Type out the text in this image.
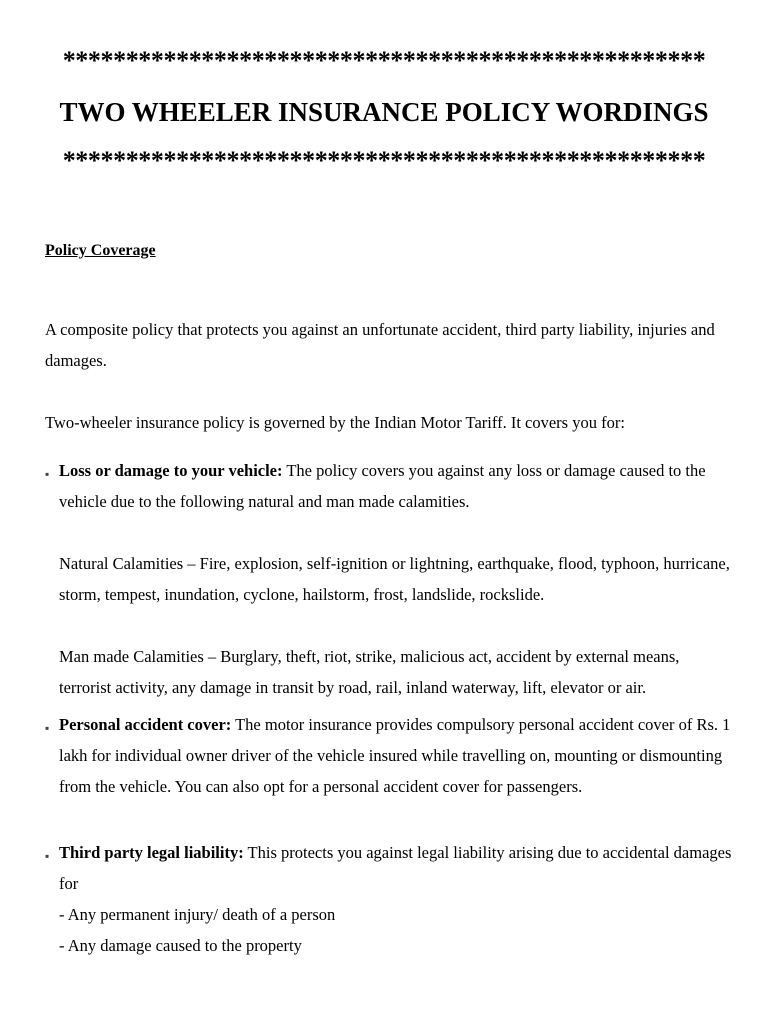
***************************************************
TWO WHEELER INSURANCE POLICY WORDINGS
***************************************************
Policy Coverage
A composite policy that protects you against an unfortunate accident, third party liability, injuries and damages.
Two-wheeler insurance policy is governed by the Indian Motor Tariff. It covers you for:
▪ Loss or damage to your vehicle: The policy covers you against any loss or damage caused to the vehicle due to the following natural and man made calamities.
Natural Calamities – Fire, explosion, self-ignition or lightning, earthquake, flood, typhoon, hurricane, storm, tempest, inundation, cyclone, hailstorm, frost, landslide, rockslide.
Man made Calamities – Burglary, theft, riot, strike, malicious act, accident by external means, terrorist activity, any damage in transit by road, rail, inland waterway, lift, elevator or air.
▪ Personal accident cover: The motor insurance provides compulsory personal accident cover of Rs. 1 lakh for individual owner driver of the vehicle insured while travelling on, mounting or dismounting from the vehicle. You can also opt for a personal accident cover for passengers.
▪ Third party legal liability: This protects you against legal liability arising due to accidental damages for
- Any permanent injury/ death of a person
- Any damage caused to the property
